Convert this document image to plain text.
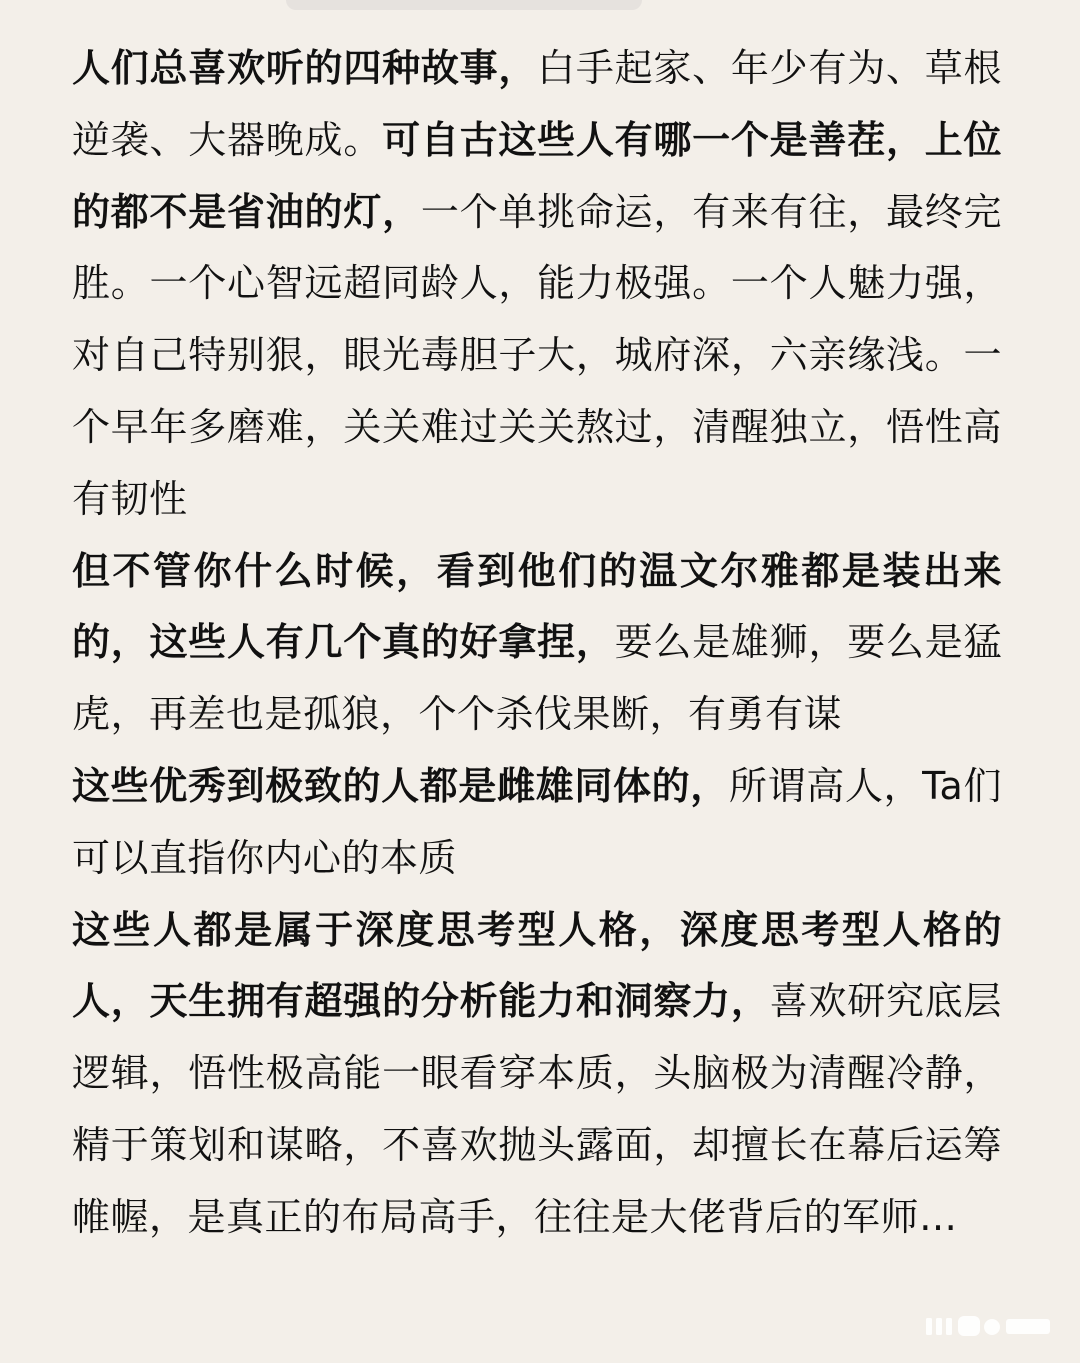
人们总喜欢听的四种故事，白手起家、年少有为、草根逆袭、大器晚成。可自古这些人有哪一个是善茬，上位的都不是省油的灯，一个单挑命运，有来有往，最终完胜。一个心智远超同龄人，能力极强。一个人魅力强，对自己特别狠，眼光毒胆子大，城府深，六亲缘浅。一个早年多磨难，关关难过关关熬过，清醒独立，悟性高有韧性

但不管你什么时候，看到他们的温文尔雅都是装出来的，这些人有几个真的好拿捏，要么是雄狮，要么是猛虎，再差也是孤狼，个个杀伐果断，有勇有谋

这些优秀到极致的人都是雌雄同体的，所谓高人，Ta们可以直指你内心的本质

这些人都是属于深度思考型人格，深度思考型人格的人，天生拥有超强的分析能力和洞察力，喜欢研究底层逻辑，悟性极高能一眼看穿本质，头脑极为清醒冷静，精于策划和谋略，不喜欢抛头露面，却擅长在幕后运筹帷幄，是真正的布局高手，往往是大佬背后的军师…
